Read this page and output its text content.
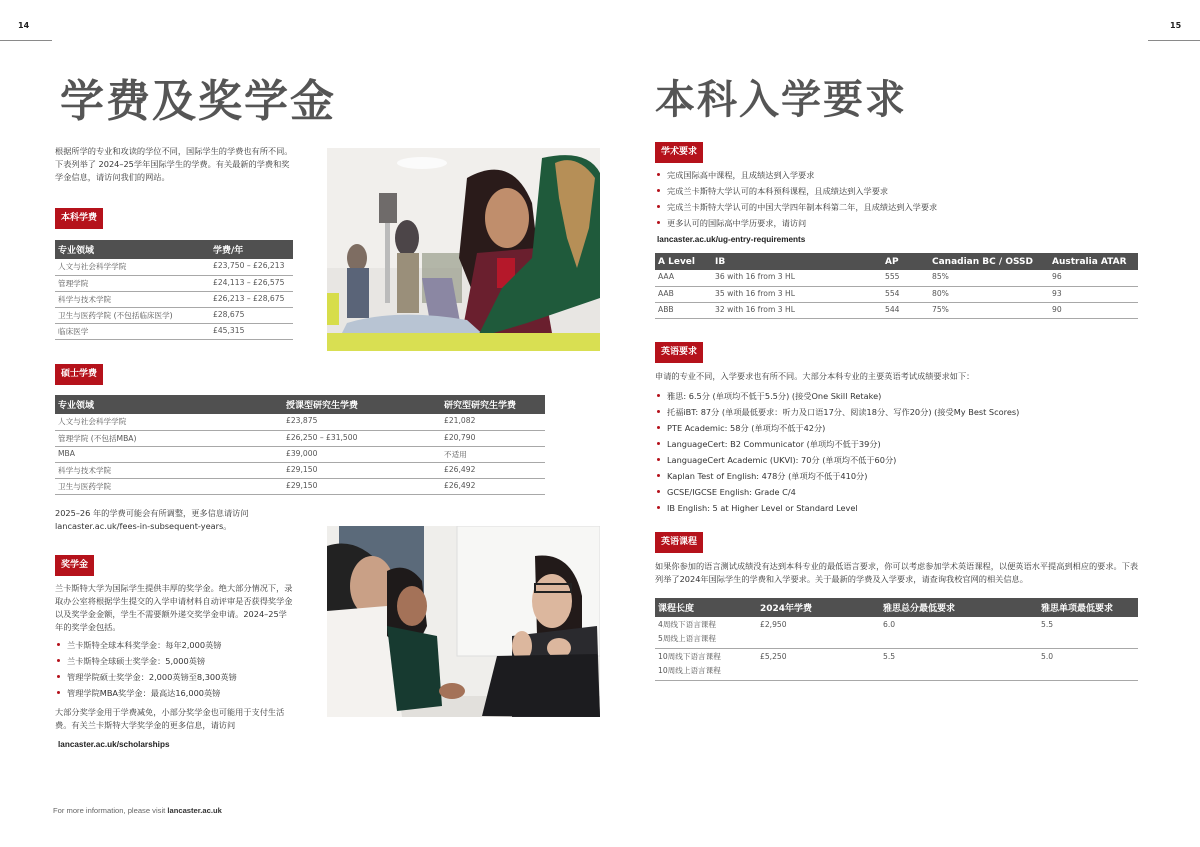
14
学费及奖学金
根据所学的专业和攻读的学位不同，国际学生的学费也有所不同。下表列举了 2024–25学年国际学生的学费。有关最新的学费和奖学金信息，请访问我们的网站。
本科学费
专业领域	学费/年
人文与社会科学学院	£23,750 – £26,213
管理学院	£24,113 – £26,575
科学与技术学院	£26,213 – £28,675
卫生与医药学院 (不包括临床医学)	£28,675
临床医学	£45,315
硕士学费
专业领域	授课型研究生学费	研究型研究生学费
人文与社会科学学院	£23,875	£21,082
管理学院 (不包括MBA)	£26,250 – £31,500	£20,790
MBA	£39,000	不适用
科学与技术学院	£29,150	£26,492
卫生与医药学院	£29,150	£26,492
2025–26 年的学费可能会有所调整，更多信息请访问
lancaster.ac.uk/fees-in-subsequent-years。
奖学金
兰卡斯特大学为国际学生提供丰厚的奖学金。绝大部分情况下，录取办公室将根据学生提交的入学申请材料自动评审是否获得奖学金以及奖学金金额，学生不需要额外递交奖学金申请。2024–25学年的奖学金包括。
兰卡斯特全球本科奖学金：每年2,000英镑
兰卡斯特全球硕士奖学金：5,000英镑
管理学院硕士奖学金：2,000英镑至8,300英镑
管理学院MBA奖学金：最高达16,000英镑
大部分奖学金用于学费减免，小部分奖学金也可能用于支付生活费。有关兰卡斯特大学奖学金的更多信息，请访问
lancaster.ac.uk/scholarships
For more information, please visit lancaster.ac.uk
15
本科入学要求
学术要求
完成国际高中课程，且成绩达到入学要求
完成兰卡斯特大学认可的本科预科课程，且成绩达到入学要求
完成兰卡斯特大学认可的中国大学四年制本科第二年，且成绩达到入学要求
更多认可的国际高中学历要求，请访问
lancaster.ac.uk/ug-entry-requirements
A Level	IB	AP	Canadian BC / OSSD	Australia ATAR
AAA	36 with 16 from 3 HL	555	85%	96
AAB	35 with 16 from 3 HL	554	80%	93
ABB	32 with 16 from 3 HL	544	75%	90
英语要求
申请的专业不同，入学要求也有所不同。大部分本科专业的主要英语考试成绩要求如下：
雅思: 6.5分 (单项均不低于5.5分) (接受One Skill Retake)
托福iBT: 87分 (单项最低要求：听力及口语17分、阅读18分、写作20分) (接受My Best Scores)
PTE Academic: 58分 (单项均不低于42分)
LanguageCert: B2 Communicator (单项均不低于39分)
LanguageCert Academic (UKVI): 70分 (单项均不低于60分)
Kaplan Test of English: 478分 (单项均不低于410分)
GCSE/IGCSE English: Grade C/4
IB English: 5 at Higher Level or Standard Level
英语课程
如果你参加的语言测试成绩没有达到本科专业的最低语言要求，你可以考虑参加学术英语课程，以便英语水平提高到相应的要求。下表列举了2024年国际学生的学费和入学要求。关于最新的学费及入学要求，请查询我校官网的相关信息。
课程长度	2024年学费	雅思总分最低要求	雅思单项最低要求

4周线下语言课程
5周线上语言课程	£2,950	6.0	5.5

10周线下语言课程
10周线上语言课程	£5,250	5.5	5.0
